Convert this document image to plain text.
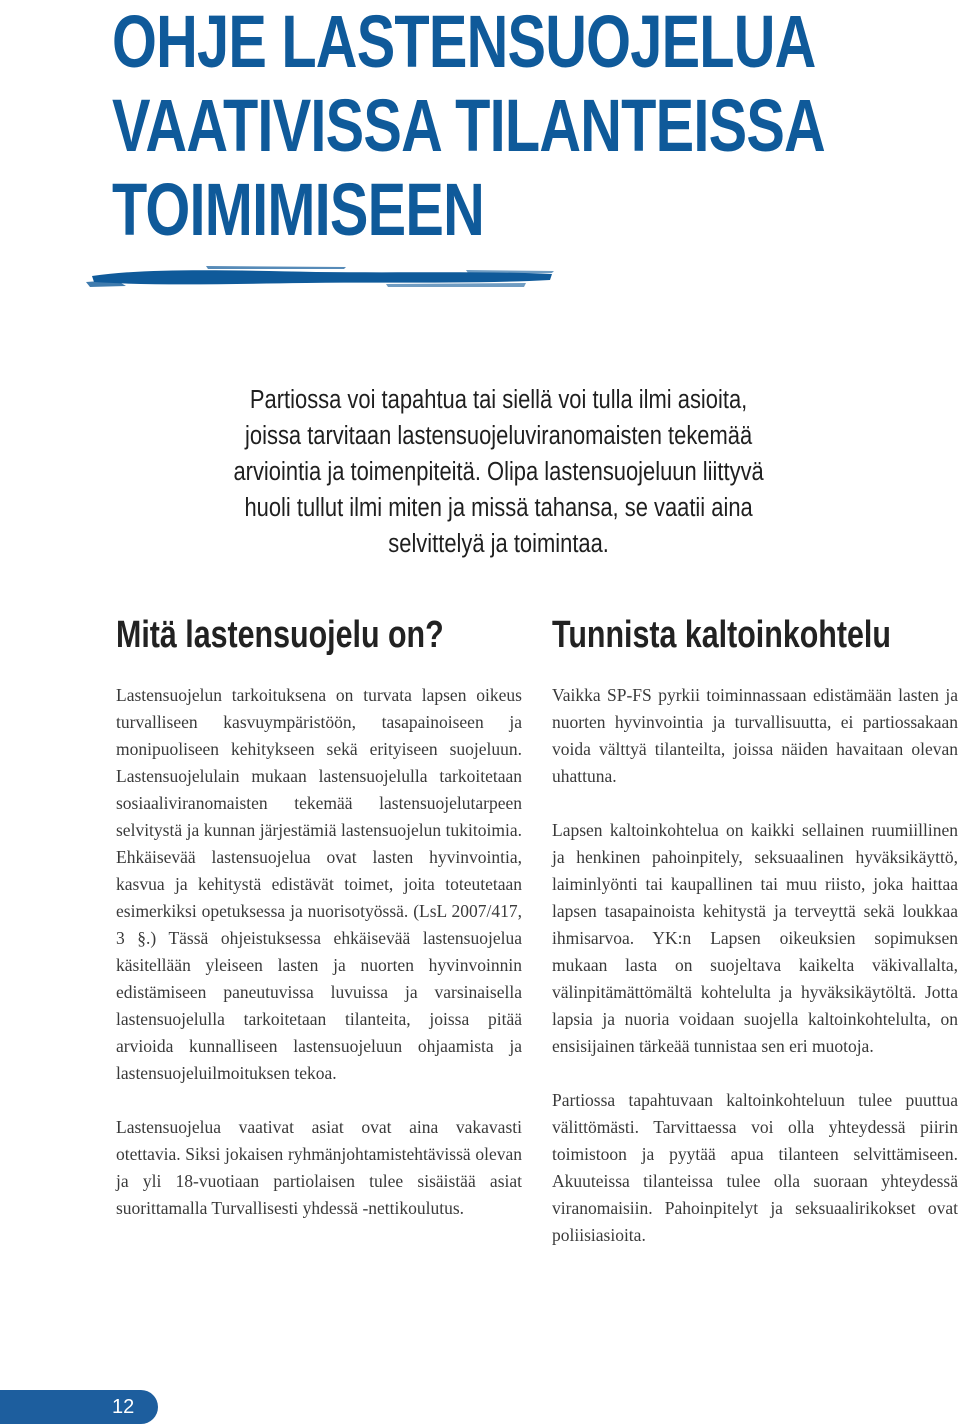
OHJE LASTENSUOJELUA
VAATIVISSA TILANTEISSA
TOIMIMISEEN

Partiossa voi tapahtua tai siellä voi tulla ilmi asioita, joissa tarvitaan lastensuojeluviranomaisten tekemää arviointia ja toimenpiteitä. Olipa lastensuojeluun liittyvä huoli tullut ilmi miten ja missä tahansa, se vaatii aina selvittelyä ja toimintaa.

Mitä lastensuojelu on?

Lastensuojelun tarkoituksena on turvata lapsen oikeus turvalliseen kasvuympäristöön, tasapainoiseen ja monipuoliseen kehitykseen sekä erityiseen suojeluun. Lastensuojelulain mukaan lastensuojelulla tarkoitetaan sosiaaliviranomaisten tekemää lastensuojelutarpeen selvitystä ja kunnan järjestämiä lastensuojelun tukitoimia. Ehkäisevää lastensuojelua ovat lasten hyvinvointia, kasvua ja kehitystä edistävät toimet, joita toteutetaan esimerkiksi opetuksessa ja nuorisotyössä. (LsL 2007/417, 3 §.) Tässä ohjeistuksessa ehkäisevää lastensuojelua käsitellään yleiseen lasten ja nuorten hyvinvoinnin edistämiseen paneutuvissa luvuissa ja varsinaisella lastensuojelulla tarkoitetaan tilanteita, joissa pitää arvioida kunnalliseen lastensuojeluun ohjaamista ja lastensuojeluilmoituksen tekoa.

Lastensuojelua vaativat asiat ovat aina vakavasti otettavia. Siksi jokaisen ryhmänjohtamistehtävissä olevan ja yli 18-vuotiaan partiolaisen tulee sisäistää asiat suorittamalla Turvallisesti yhdessä -nettikoulutus.

Tunnista kaltoinkohtelu

Vaikka SP-FS pyrkii toiminnassaan edistämään lasten ja nuorten hyvinvointia ja turvallisuutta, ei partiossakaan voida välttyä tilanteilta, joissa näiden havaitaan olevan uhattuna.

Lapsen kaltoinkohtelua on kaikki sellainen ruumiillinen ja henkinen pahoinpitely, seksuaalinen hyväksikäyttö, laiminlyönti tai kaupallinen tai muu riisto, joka haittaa lapsen tasapainoista kehitystä ja terveyttä sekä loukkaa ihmisarvoa. YK:n Lapsen oikeuksien sopimuksen mukaan lasta on suojeltava kaikelta väkivallalta, välinpitämättömältä kohtelulta ja hyväksikäytöltä. Jotta lapsia ja nuoria voidaan suojella kaltoinkohtelulta, on ensisijainen tärkeää tunnistaa sen eri muotoja.

Partiossa tapahtuvaan kaltoinkohteluun tulee puuttua välittömästi. Tarvittaessa voi olla yhteydessä piirin toimistoon ja pyytää apua tilanteen selvittämiseen. Akuuteissa tilanteissa tulee olla suoraan yhteydessä viranomaisiin. Pahoinpitelyt ja seksuaalirikokset ovat poliisiasioita.

12
